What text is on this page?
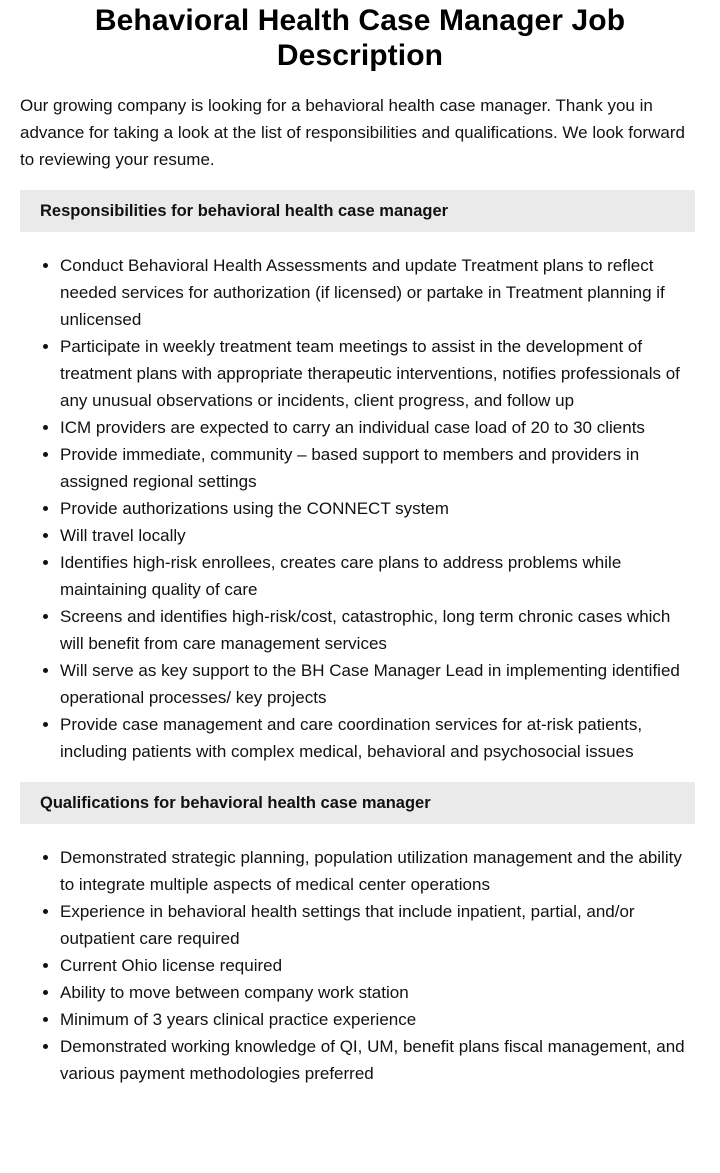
Behavioral Health Case Manager Job Description

Our growing company is looking for a behavioral health case manager. Thank you in advance for taking a look at the list of responsibilities and qualifications. We look forward to reviewing your resume.

Responsibilities for behavioral health case manager
Conduct Behavioral Health Assessments and update Treatment plans to reflect needed services for authorization (if licensed) or partake in Treatment planning if unlicensed
Participate in weekly treatment team meetings to assist in the development of treatment plans with appropriate therapeutic interventions, notifies professionals of any unusual observations or incidents, client progress, and follow up
ICM providers are expected to carry an individual case load of 20 to 30 clients
Provide immediate, community – based support to members and providers in assigned regional settings
Provide authorizations using the CONNECT system
Will travel locally
Identifies high-risk enrollees, creates care plans to address problems while maintaining quality of care
Screens and identifies high-risk/cost, catastrophic, long term chronic cases which will benefit from care management services
Will serve as key support to the BH Case Manager Lead in implementing identified operational processes/ key projects
Provide case management and care coordination services for at-risk patients, including patients with complex medical, behavioral and psychosocial issues
Qualifications for behavioral health case manager
Demonstrated strategic planning, population utilization management and the ability to integrate multiple aspects of medical center operations
Experience in behavioral health settings that include inpatient, partial, and/or outpatient care required
Current Ohio license required
Ability to move between company work station
Minimum of 3 years clinical practice experience
Demonstrated working knowledge of QI, UM, benefit plans fiscal management, and various payment methodologies preferred
